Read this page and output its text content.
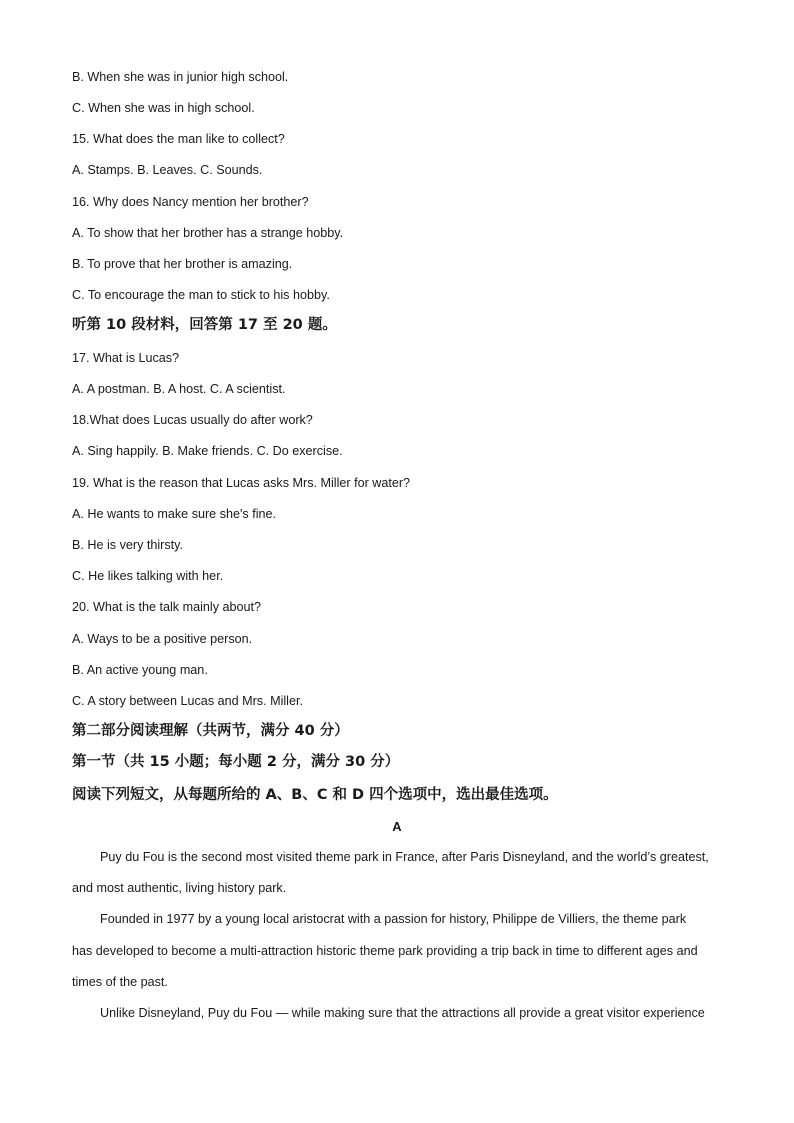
B. When she was in junior high school.
C. When she was in high school.
15. What does the man like to collect?
A. Stamps. B. Leaves. C. Sounds.
16. Why does Nancy mention her brother?
A. To show that her brother has a strange hobby.
B. To prove that her brother is amazing.
C. To encourage the man to stick to his hobby.
听第 10 段材料，回答第 17 至 20 题。
17. What is Lucas?
A. A postman. B. A host. C. A scientist.
18.What does Lucas usually do after work?
A. Sing happily. B. Make friends. C. Do exercise.
19. What is the reason that Lucas asks Mrs. Miller for water?
A. He wants to make sure she's fine.
B. He is very thirsty.
C. He likes talking with her.
20. What is the talk mainly about?
A. Ways to be a positive person.
B. An active young man.
C. A story between Lucas and Mrs. Miller.
第二部分阅读理解（共两节，满分 40 分）
第一节（共 15 小题；每小题 2 分，满分 30 分）
阅读下列短文，从每题所给的 A、B、C 和 D 四个选项中，选出最佳选项。
A
Puy du Fou is the second most visited theme park in France, after Paris Disneyland, and the world’s greatest,
and most authentic, living history park.
Founded in 1977 by a young local aristocrat with a passion for history, Philippe de Villiers, the theme park
has developed to become a multi-attraction historic theme park providing a trip back in time to different ages and
times of the past.
Unlike Disneyland, Puy du Fou — while making sure that the attractions all provide a great visitor experience
